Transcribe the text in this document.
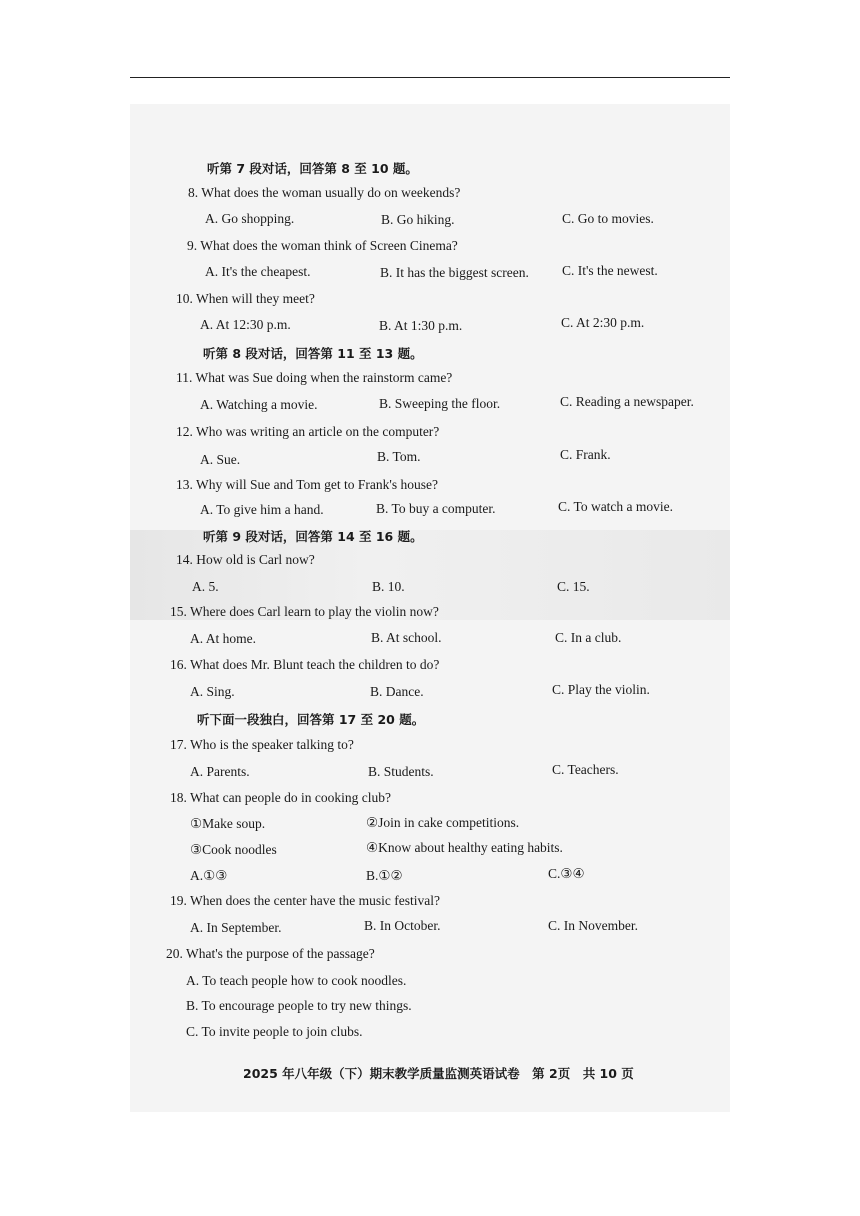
听第 7 段对话，回答第 8 至 10 题。
8. What does the woman usually do on weekends?
A. Go shopping.	B. Go hiking.	C. Go to movies.
9. What does the woman think of Screen Cinema?
A. It's the cheapest.	B. It has the biggest screen. C. It's the newest.
10. When will they meet?
A. At 12:30 p.m.	B. At 1:30 p.m.	C. At 2:30 p.m.
听第 8 段对话，回答第 11 至 13 题。
11. What was Sue doing when the rainstorm came?
A. Watching a movie.	B. Sweeping the floor.	C. Reading a newspaper.
12. Who was writing an article on the computer?
A. Sue.	B. Tom.	C. Frank.
13. Why will Sue and Tom get to Frank's house?
A. To give him a hand.	B. To buy a computer.	C. To watch a movie.
听第 9 段对话，回答第 14 至 16 题。
14. How old is Carl now?
A. 5.	B. 10.	C. 15.
15. Where does Carl learn to play the violin now?
A. At home.	B. At school.	C. In a club.
16. What does Mr. Blunt teach the children to do?
A. Sing.	B. Dance.	C. Play the violin.
听下面一段独白，回答第 17 至 20 题。
17. Who is the speaker talking to?
A. Parents.	B. Students.	C. Teachers.
18. What can people do in cooking club?
①Make soup.	②Join in cake competitions.
③Cook noodles	④Know about healthy eating habits.
A.①③	B.①②	C.③④
19. When does the center have the music festival?
A. In September.	B. In October.	C. In November.
20. What's the purpose of the passage?
A. To teach people how to cook noodles.
B. To encourage people to try new things.
C. To invite people to join clubs.
2025 年八年级（下）期末教学质量监测英语试卷　第 2页　共 10 页
